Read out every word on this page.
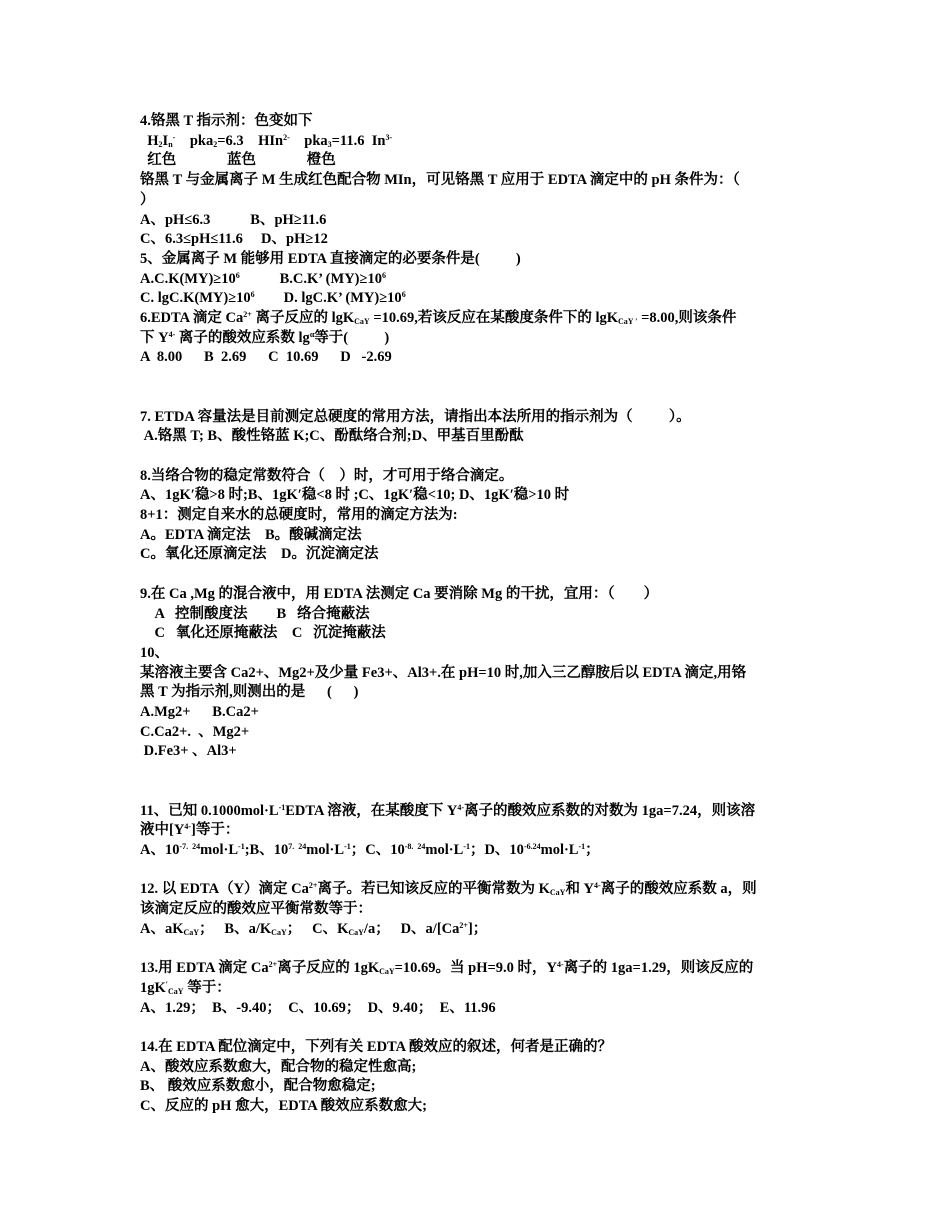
4.铬黑 T 指示剂：色变如下

$H_2I_n^-$    pka$_2$=6.3    HIn$^{2-}$    pka$_3$=11.6  $In^{3-}$

红色              蓝色              橙色

铬黑 T 与金属离子 M 生成红色配合物 MIn，可见铬黑 T 应用于 EDTA 滴定中的 pH 条件为：（

）

A、pH≤6.3           B、pH≥11.6

C、6.3≤pH≤11.6     D、pH≥12

5、金属离子 M 能够用 EDTA 直接滴定的必要条件是(          )

$A.C.K(MY)\ge 10^6$           B.C.K’ $(MY)\ge 10^6$

C. $\lg C.K(MY)\ge 10^6$        D. lgC.K’ $(MY)\ge 10^6$

6.EDTA 滴定 $Ca^{2+}$ 离子反应的 lgK$_{CaY}$ =10.69,若该反应在某酸度条件下的 lgK$_{CaY '}$ =8.00,则该条件

下 $Y^{4-}$ 离子的酸效应系数 $\lg^\alpha$等于(          )

A  8.00      B  2.69      C  10.69      D   -2.69

7. ETDA 容量法是目前测定总硬度的常用方法，请指出本法所用的指示剂为（          ）。

A.铬黑 T; B、酸性铬蓝 K;C、酚酞络合剂;D、甲基百里酚酞

8.当络合物的稳定常数符合（    ）时，才可用于络合滴定。

A、1gK′稳>8 时;B、1gK′稳<8 时 ;C、1gK′稳<10; D、1gK′稳>10 时

8+1：测定自来水的总硬度时，常用的滴定方法为:

A。EDTA 滴定法    B。酸碱滴定法

C。氧化还原滴定法    D。沉淀滴定法

9.在 Ca ,Mg 的混合液中，用 EDTA 法测定 Ca 要消除 Mg 的干扰，宜用：（        ）

A   控制酸度法        B   络合掩蔽法

C   氧化还原掩蔽法    C   沉淀掩蔽法

10、

某溶液主要含 Ca2+、Mg2+及少量 Fe3+、Al3+.在 pH=10 时,加入三乙醇胺后以 EDTA 滴定,用铬

黑 T 为指示剂,则测出的是      (      )

A.Mg2+      B.Ca2+

C.Ca2+.  、Mg2+

D.Fe3+ 、Al3+

11、已知 $0.1000mol\cdot L^{-1}EDTA$ 溶液，在某酸度下 $Y^{4-}$离子的酸效应系数的对数为 1ga=7.24，则该溶

液中$[Y^{4-}]$等于：

A、$10^{-7. 24}mol\cdot L^{-1};B$、$10^{7. 24}mol\cdot L^{-1}$；C、$10^{-8. 24}mol\cdot L^{-1}$；D、$10^{-6.24}mol\cdot L^{-1}$；

12. 以 EDTA（Y）滴定 $Ca^{2+}$离子。若已知该反应的平衡常数为 $K_{CaY}$和 $Y^{4-}$离子的酸效应系数 a，则

该滴定反应的酸效应平衡常数等于：

A、$aK_{CaY}$；   B、$a/K_{CaY}$；   C、$K_{CaY}/a$；   D、$a/[Ca^{2+}]$；

13.用 EDTA 滴定 $Ca^{2+}$离子反应的 $1gK_{CaY}=10.69$。当 pH=9.0 时，$Y^{4-}$离子的 1ga=1.29，则该反应的

$1gK'_{CaY}$ 等于：

A、1.29；  B、-9.40；  C、10.69；  D、9.40；  E、11.96

14.在 EDTA 配位滴定中，下列有关 EDTA 酸效应的叙述，何者是正确的？

A、酸效应系数愈大，配合物的稳定性愈高;

B、 酸效应系数愈小，配合物愈稳定;

C、反应的 pH 愈大，EDTA 酸效应系数愈大;
